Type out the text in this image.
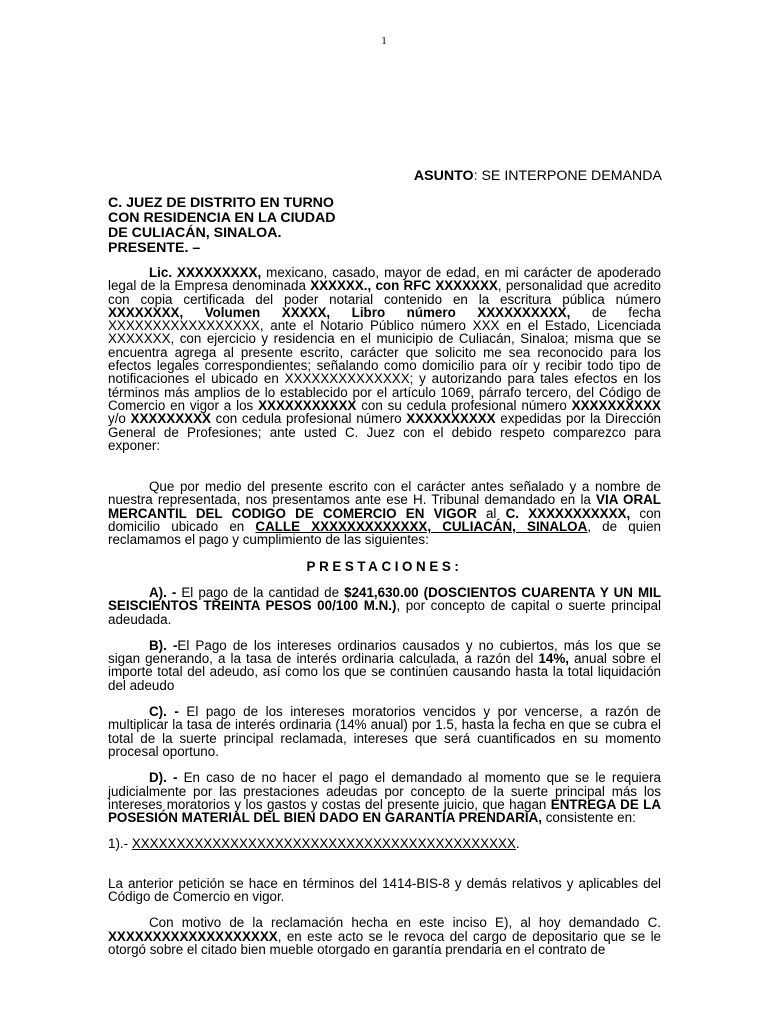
1
ASUNTO: SE INTERPONE DEMANDA
C. JUEZ DE DISTRITO EN TURNO
CON RESIDENCIA EN LA CIUDAD
DE CULIACÁN, SINALOA.
PRESENTE. –

Lic. XXXXXXXXX, mexicano, casado, mayor de edad, en mi carácter de apoderado legal de la Empresa denominada XXXXXX., con RFC XXXXXXX, personalidad que acredito con copia certificada del poder notarial contenido en la escritura pública número XXXXXXXX, Volumen XXXXX, Libro número XXXXXXXXXX, de fecha XXXXXXXXXXXXXXXXX, ante el Notario Público número XXX en el Estado, Licenciada XXXXXXX, con ejercicio y residencia en el municipio de Culiacán, Sinaloa; misma que se encuentra agrega al presente escrito, carácter que solicito me sea reconocido para los efectos legales correspondientes; señalando como domicilio para oír y recibir todo tipo de notificaciones el ubicado en XXXXXXXXXXXXXX; y autorizando para tales efectos en los términos más amplios de lo establecido por el artículo 1069, párrafo tercero, del Código de Comercio en vigor a los XXXXXXXXXXX con su cedula profesional número XXXXXXXXXX y/o XXXXXXXXX con cedula profesional número XXXXXXXXXX expedidas por la Dirección General de Profesiones; ante usted C. Juez con el debido respeto comparezco para exponer:

Que por medio del presente escrito con el carácter antes señalado y a nombre de nuestra representada, nos presentamos ante ese H. Tribunal demandado en la VIA ORAL MERCANTIL DEL CODIGO DE COMERCIO EN VIGOR al C. XXXXXXXXXXX, con domicilio ubicado en CALLE XXXXXXXXXXXXX, CULIACÁN, SINALOA, de quien reclamamos el pago y cumplimiento de las siguientes:

PRESTACIONES:

A). - El pago de la cantidad de $241,630.00 (DOSCIENTOS CUARENTA Y UN MIL SEISCIENTOS TREINTA PESOS 00/100 M.N.), por concepto de capital o suerte principal adeudada.

B). -El Pago de los intereses ordinarios causados y no cubiertos, más los que se sigan generando, a la tasa de interés ordinaria calculada, a razón del 14%, anual sobre el importe total del adeudo, así como los que se continúen causando hasta la total liquidación del adeudo

C). - El pago de los intereses moratorios vencidos y por vencerse, a razón de multiplicar la tasa de interés ordinaria (14% anual) por 1.5, hasta la fecha en que se cubra el total de la suerte principal reclamada, intereses que será cuantificados en su momento procesal oportuno.

D). - En caso de no hacer el pago el demandado al momento que se le requiera judicialmente por las prestaciones adeudas por concepto de la suerte principal más los intereses moratorios y los gastos y costas del presente juicio, que hagan ENTREGA DE LA POSESIÓN MATERIAL DEL BIEN DADO EN GARANTÍA PRENDARIA, consistente en:

1).- XXXXXXXXXXXXXXXXXXXXXXXXXXXXXXXXXXXXXXXXXXX.

La anterior petición se hace en términos del 1414-BIS-8 y demás relativos y aplicables del Código de Comercio en vigor.

Con motivo de la reclamación hecha en este inciso E), al hoy demandado C. XXXXXXXXXXXXXXXXXXX, en este acto se le revoca del cargo de depositario que se le otorgó sobre el citado bien mueble otorgado en garantía prendaria en el contrato de
